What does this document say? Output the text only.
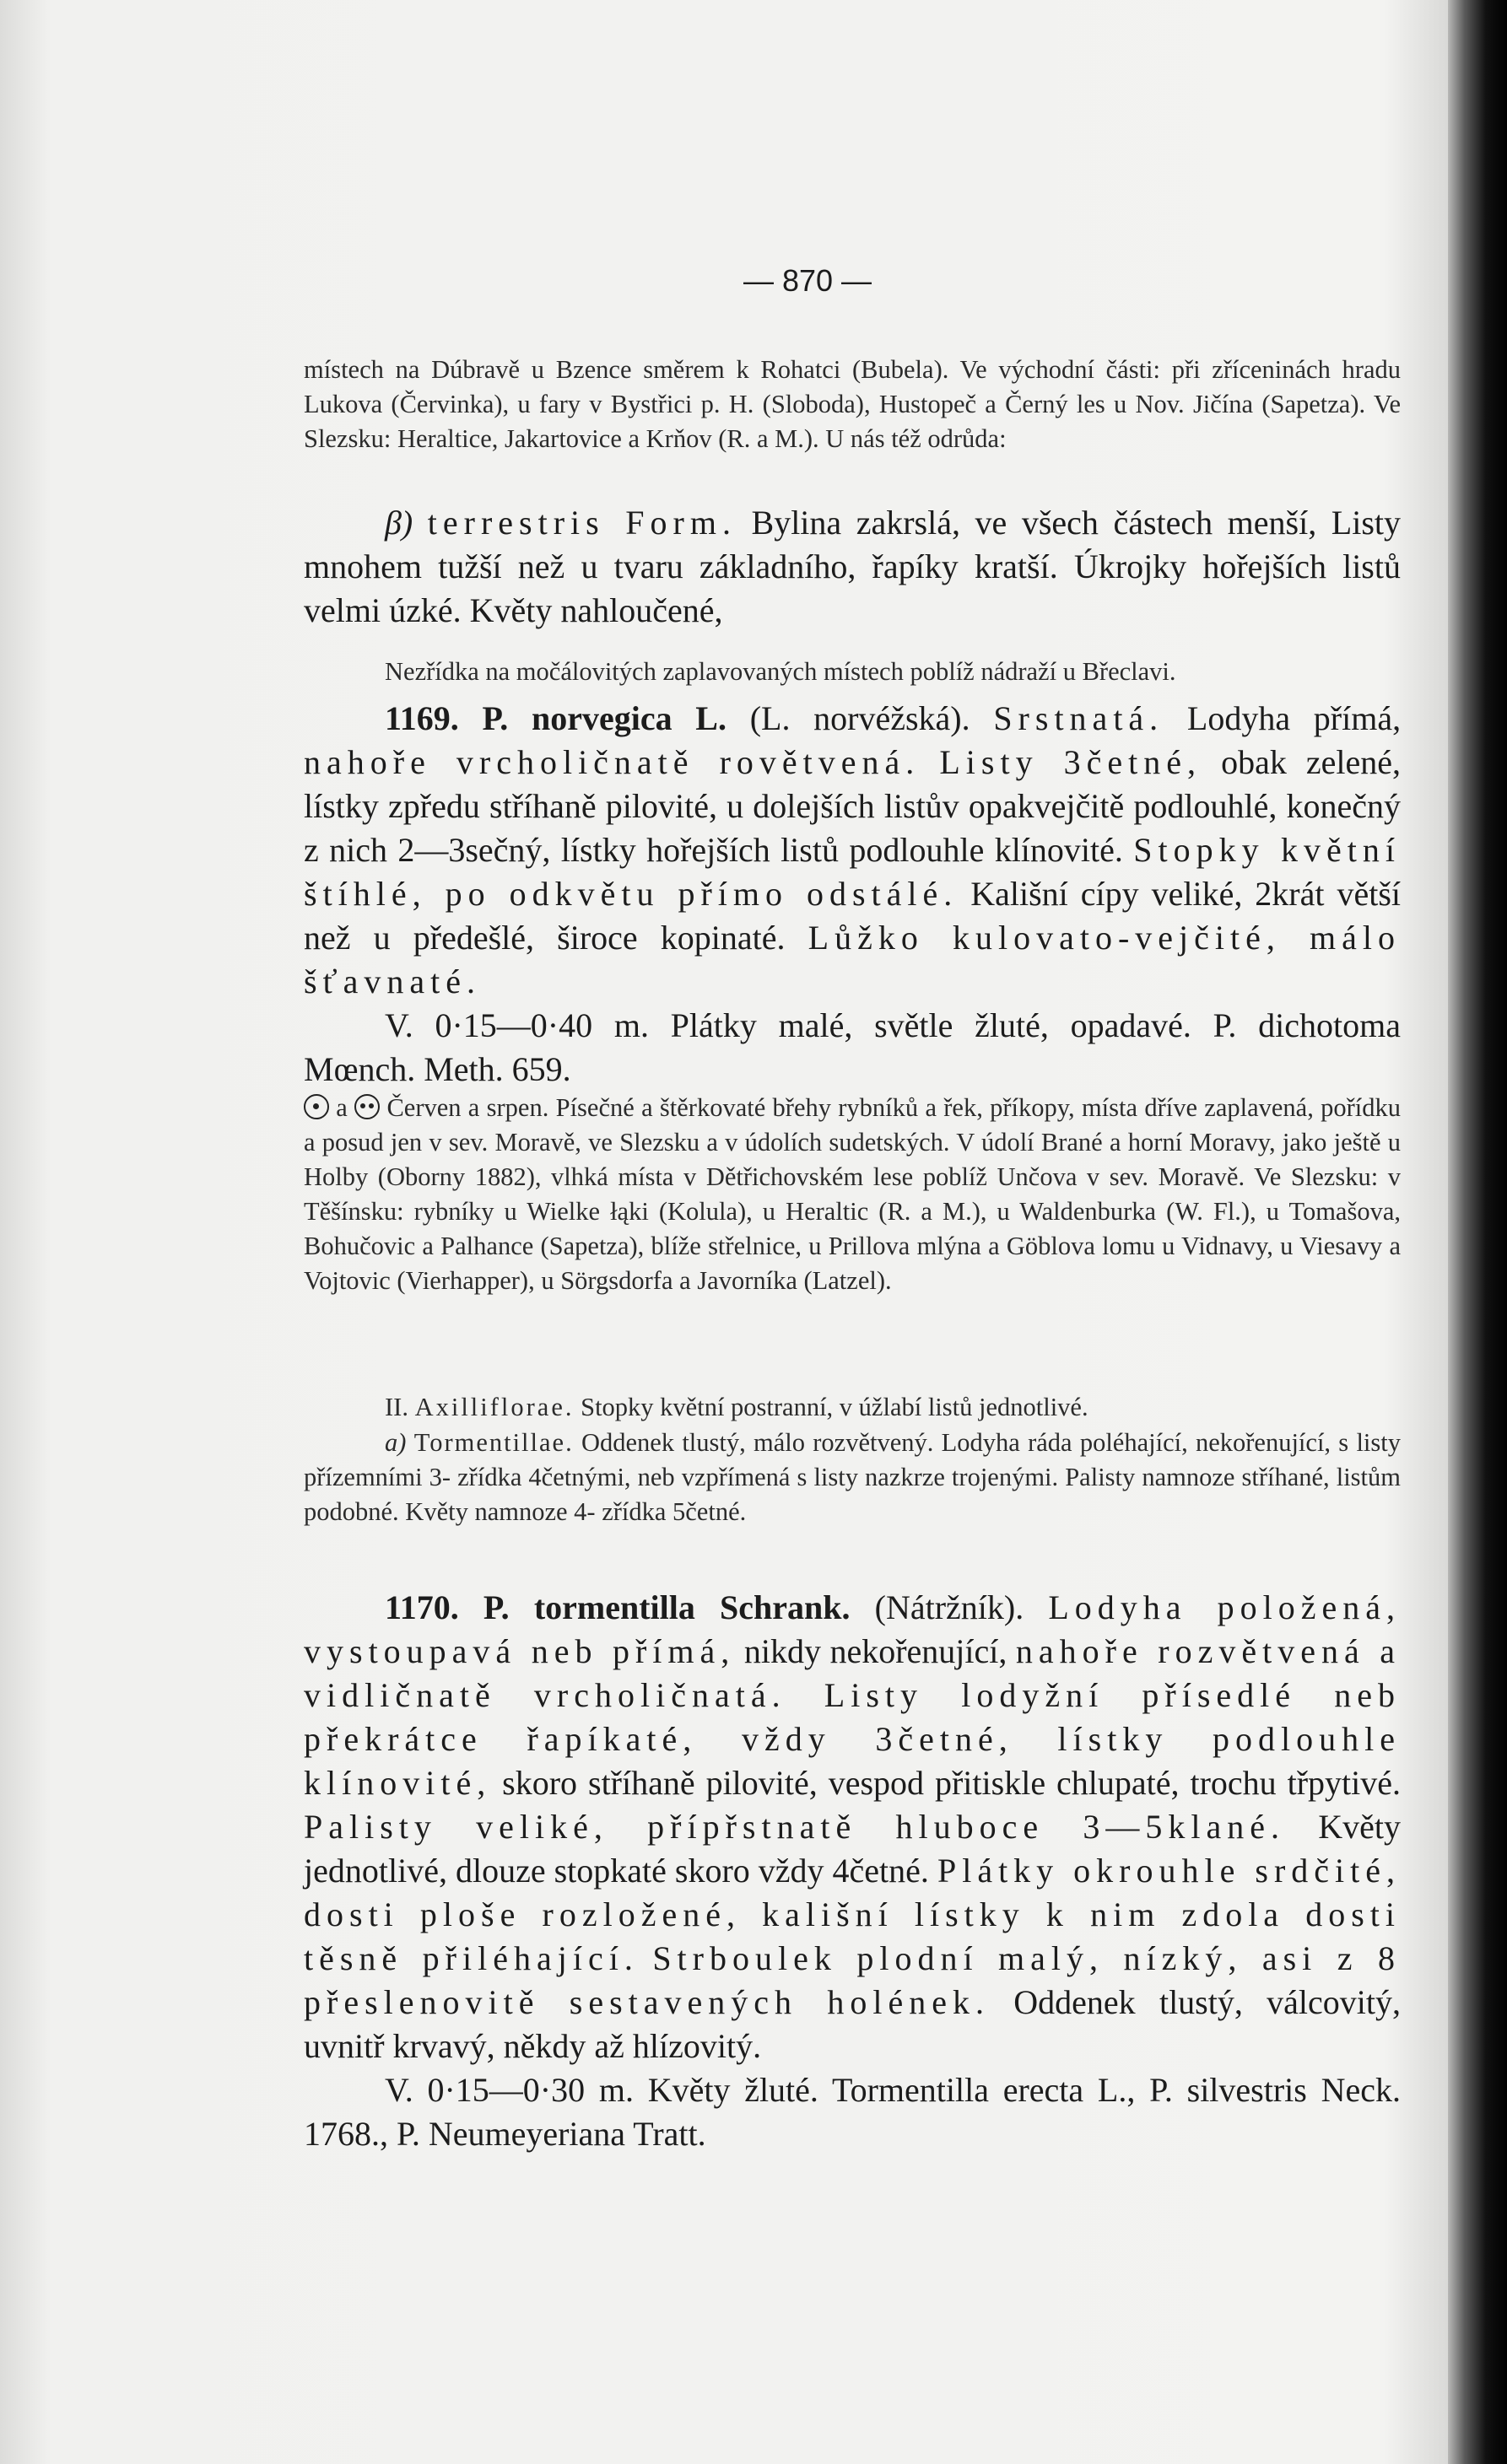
— 870 —

místech na Dúbravě u Bzence směrem k Rohatci (Bubela). Ve východní části: při zříceninách hradu Lukova (Červinka), u fary v Bystřici p. H. (Sloboda), Hustopeč a Černý les u Nov. Jičína (Sapetza). Ve Slezsku: Heraltice, Jakartovice a Krňov (R. a M.). U nás též odrůda:

β) terrestris Form. Bylina zakrslá, ve všech částech menší, Listy mnohem tužší než u tvaru základního, řapíky kratší. Úkrojky hořejších listů velmi úzké. Květy nahloučené,

Nezřídka na močálovitých zaplavovaných místech poblíž nádraží u Břeclavi.

1169. P. norvegica L. (L. norvéžská). Srstnatá. Lodyha přímá, nahoře vrcholičnatě rovětvená. Listy 3četné, obak zelené, lístky zpředu stříhaně pilovité, u dolejších listův opakvejčitě podlouhlé, konečný z nich 2—3sečný, lístky hořejších listů podlouhle klínovité. Stopky květní štíhlé, po odkvětu přímo odstálé. Kališní cípy veliké, 2krát větší než u předešlé, široce kopinaté. Lůžko kulovato-vejčité, málo šťavnaté.
V. 0·15—0·40 m. Plátky malé, světle žluté, opadavé. P. dichotoma Mœnch. Meth. 659.

a Červen a srpen. Písečné a štěrkovaté břehy rybníků a řek, příkopy, místa dříve zaplavená, pořídku a posud jen v sev. Moravě, ve Slezsku a v údolích sudetských. V údolí Brané a horní Moravy, jako ještě u Holby (Oborny 1882), vlhká místa v Dětřichovském lese poblíž Unčova v sev. Moravě. Ve Slezsku: v Těšínsku: rybníky u Wielke łąki (Kolula), u Heraltic (R. a M.), u Waldenburka (W. Fl.), u Tomašova, Bohučovic a Palhance (Sapetza), blíže střelnice, u Prillova mlýna a Göblova lomu u Vidnavy, u Viesavy a Vojtovic (Vierhapper), u Sörgsdorfa a Javorníka (Latzel).

II. Axilliflorae. Stopky květní postranní, v úžlabí listů jednotlivé.

a) Tormentillae. Oddenek tlustý, málo rozvětvený. Lodyha ráda poléhající, nekořenující, s listy přízemními 3- zřídka 4četnými, neb vzpřímená s listy nazkrze trojenými. Palisty namnoze stříhané, listům podobné. Květy namnoze 4- zřídka 5četné.

1170. P. tormentilla Schrank. (Nátržník). Lodyha položená, vystoupavá neb přímá, nikdy nekořenující, nahoře rozvětvená a vidličnatě vrcholičnatá. Listy lodyžní přísedlé neb překrátce řapíkaté, vždy 3četné, lístky podlouhle klínovité, skoro stříhaně pilovité, vespod přitiskle chlupaté, trochu třpytivé. Palisty veliké, přípřstnatě hluboce 3—5klané. Květy jednotlivé, dlouze stopkaté skoro vždy 4četné. Plátky okrouhle srdčité, dosti plоše rozložené, kališní lístky k nim zdola dosti těsně přiléhající. Strboulek plodní malý, nízký, asi z 8 přeslenovitě sestavených holének. Oddenek tlustý, válcovitý, uvnitř krvavý, někdy až hlízovitý.
V. 0·15—0·30 m. Květy žluté. Tormentilla erecta L., P. silvestris Neck. 1768., P. Neumeyeriana Tratt.
